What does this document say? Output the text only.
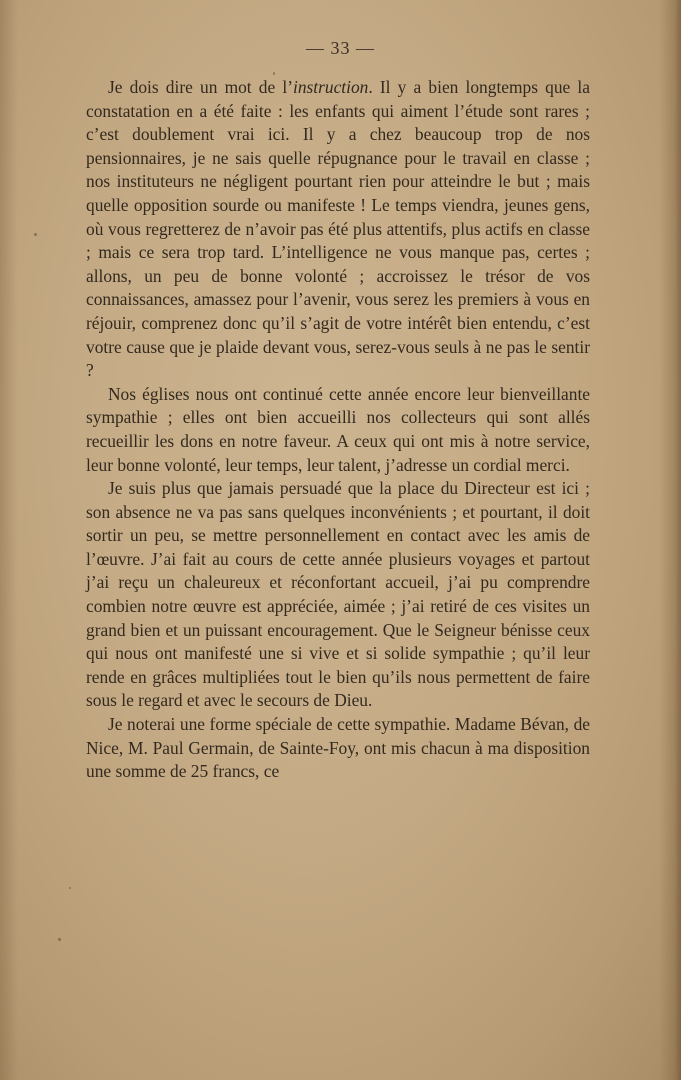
— 33 —

Je dois dire un mot de l’instruction. Il y a bien longtemps que la constatation en a été faite : les enfants qui aiment l’étude sont rares ; c’est doublement vrai ici. Il y a chez beaucoup trop de nos pensionnaires, je ne sais quelle répugnance pour le travail en classe ; nos instituteurs ne négligent pourtant rien pour atteindre le but ; mais quelle opposition sourde ou manifeste ! Le temps viendra, jeunes gens, où vous regretterez de n’avoir pas été plus attentifs, plus actifs en classe ; mais ce sera trop tard. L’intelligence ne vous manque pas, certes ; allons, un peu de bonne volonté ; accroissez le trésor de vos connaissances, amassez pour l’avenir, vous serez les premiers à vous en réjouir, comprenez donc qu’il s’agit de votre intérêt bien entendu, c’est votre cause que je plaide devant vous, serez-vous seuls à ne pas le sentir ?

Nos églises nous ont continué cette année encore leur bienveillante sympathie ; elles ont bien accueilli nos collecteurs qui sont allés recueillir les dons en notre faveur. A ceux qui ont mis à notre service, leur bonne volonté, leur temps, leur talent, j’adresse un cordial merci.

Je suis plus que jamais persuadé que la place du Directeur est ici ; son absence ne va pas sans quelques inconvénients ; et pourtant, il doit sortir un peu, se mettre personnellement en contact avec les amis de l’œuvre. J’ai fait au cours de cette année plusieurs voyages et partout j’ai reçu un chaleureux et réconfortant accueil, j’ai pu comprendre combien notre œuvre est appréciée, aimée ; j’ai retiré de ces visites un grand bien et un puissant encouragement. Que le Seigneur bénisse ceux qui nous ont manifesté une si vive et si solide sympathie ; qu’il leur rende en grâces multipliées tout le bien qu’ils nous permettent de faire sous le regard et avec le secours de Dieu.

Je noterai une forme spéciale de cette sympathie. Madame Bévan, de Nice, M. Paul Germain, de Sainte-Foy, ont mis chacun à ma disposition une somme de 25 francs, ce
